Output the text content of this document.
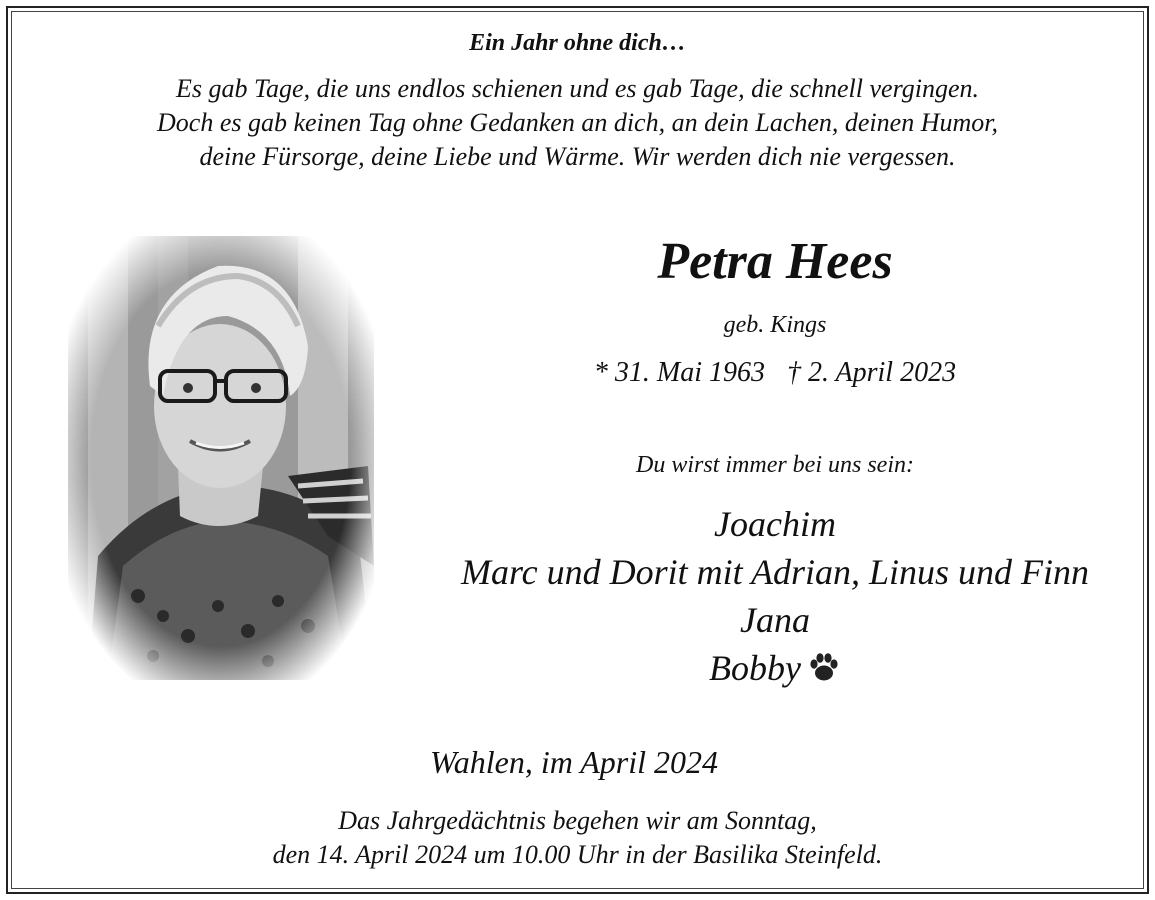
Ein Jahr ohne dich…
Es gab Tage, die uns endlos schienen und es gab Tage, die schnell vergingen.
Doch es gab keinen Tag ohne Gedanken an dich, an dein Lachen, deinen Humor,
deine Fürsorge, deine Liebe und Wärme. Wir werden dich nie vergessen.
Petra Hees
geb. Kings
* 31. Mai 1963 † 2. April 2023
Du wirst immer bei uns sein:
Joachim
Marc und Dorit mit Adrian, Linus und Finn
Jana
Bobby
Wahlen, im April 2024
Das Jahrgedächtnis begehen wir am Sonntag,
den 14. April 2024 um 10.00 Uhr in der Basilika Steinfeld.
